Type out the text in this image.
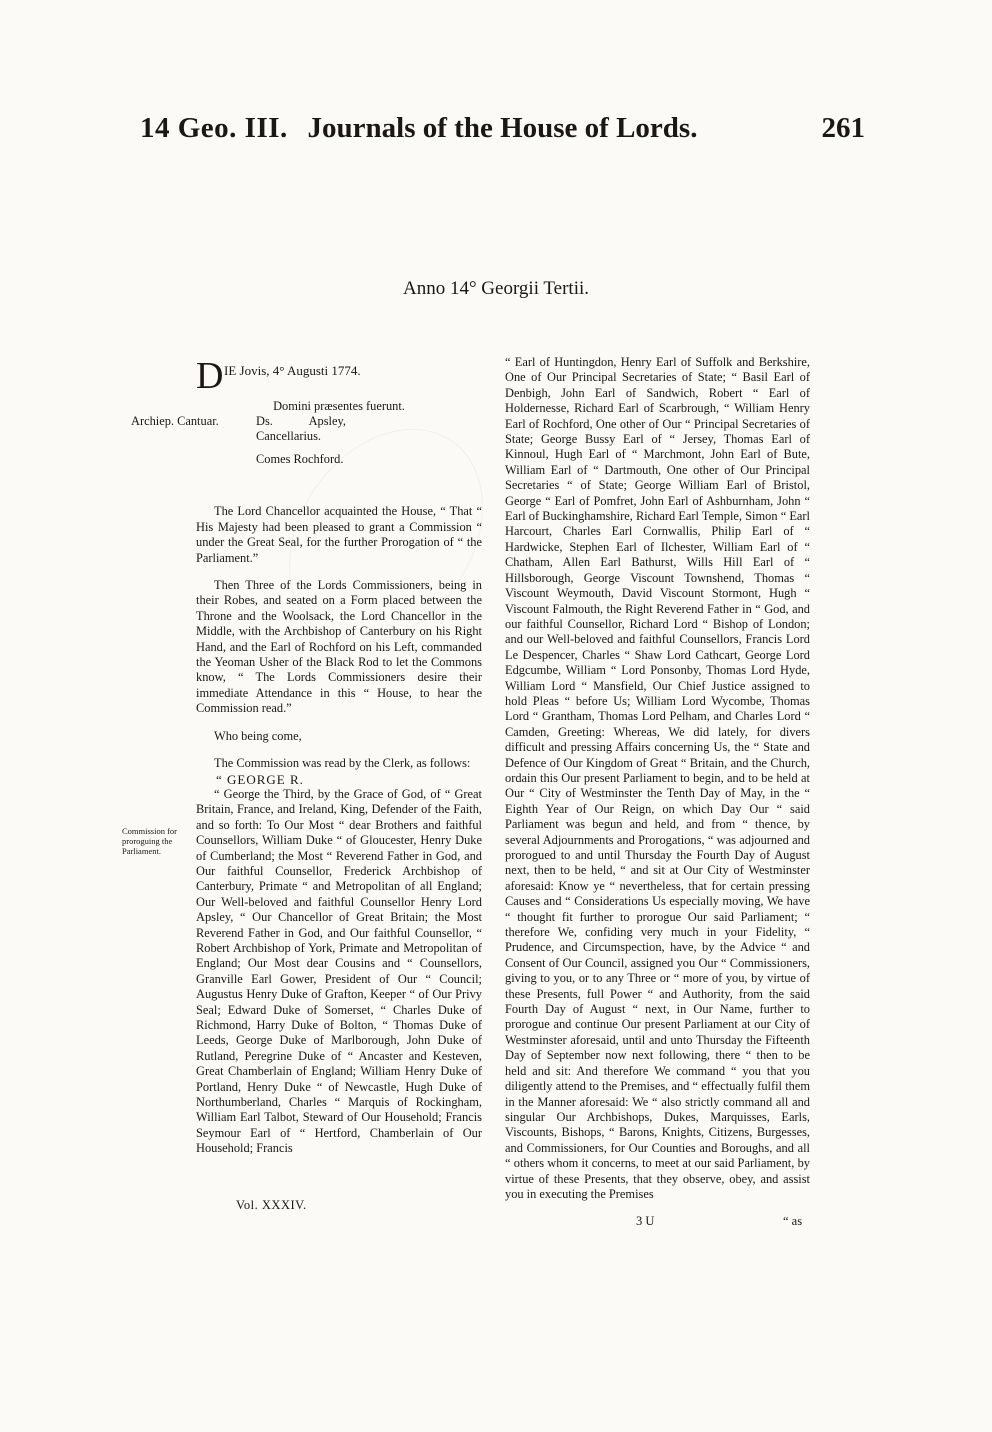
14 Geo. III. Journals of the House of Lords.	261
Anno 14° Georgii Tertii.
Commission for proroguing the Parliament.
D IE Jovis, 4° Augusti 1774.

Domini præsentes fuerunt.

Archiep. Cantuar.	Ds. Apsley, Cancellarius.
Comes Rochford.

The Lord Chancellor acquainted the House, “ That “ His Majesty had been pleased to grant a Commission “ under the Great Seal, for the further Prorogation of “ the Parliament.”

Then Three of the Lords Commissioners, being in their Robes, and seated on a Form placed between the Throne and the Woolsack, the Lord Chancellor in the Middle, with the Archbishop of Canterbury on his Right Hand, and the Earl of Rochford on his Left, commanded the Yeoman Usher of the Black Rod to let the Commons know, “ The Lords Commissioners desire their immediate Attendance in this “ House, to hear the Commission read.”

Who being come,

The Commission was read by the Clerk, as follows:

“ GEORGE R.

“ George the Third, by the Grace of God, of “ Great Britain, France, and Ireland, King, Defender of the Faith, and so forth: To Our Most “ dear Brothers and faithful Counsellors, William Duke “ of Gloucester, Henry Duke of Cumberland; the Most “ Reverend Father in God, and Our faithful Counsellor, Frederick Archbishop of Canterbury, Primate “ and Metropolitan of all England; Our Well-beloved and faithful Counsellor Henry Lord Apsley, “ Our Chancellor of Great Britain; the Most Reverend Father in God, and Our faithful Counsellor, “ Robert Archbishop of York, Primate and Metropolitan of England; Our Most dear Cousins and “ Counsellors, Granville Earl Gower, President of Our “ Council; Augustus Henry Duke of Grafton, Keeper “ of Our Privy Seal; Edward Duke of Somerset, “ Charles Duke of Richmond, Harry Duke of Bolton, “ Thomas Duke of Leeds, George Duke of Marlborough, John Duke of Rutland, Peregrine Duke of “ Ancaster and Kesteven, Great Chamberlain of England; William Henry Duke of Portland, Henry Duke “ of Newcastle, Hugh Duke of Northumberland, Charles “ Marquis of Rockingham, William Earl Talbot, Steward of Our Household; Francis Seymour Earl of “ Hertford, Chamberlain of Our Household; Francis

“ Earl of Huntingdon, Henry Earl of Suffolk and Berkshire, One of Our Principal Secretaries of State; “ Basil Earl of Denbigh, John Earl of Sandwich, Robert “ Earl of Holdernesse, Richard Earl of Scarbrough, “ William Henry Earl of Rochford, One other of Our “ Principal Secretaries of State; George Bussy Earl of “ Jersey, Thomas Earl of Kinnoul, Hugh Earl of “ Marchmont, John Earl of Bute, William Earl of “ Dartmouth, One other of Our Principal Secretaries “ of State; George William Earl of Bristol, George “ Earl of Pomfret, John Earl of Ashburnham, John “ Earl of Buckinghamshire, Richard Earl Temple, Simon “ Earl Harcourt, Charles Earl Cornwallis, Philip Earl of “ Hardwicke, Stephen Earl of Ilchester, William Earl of “ Chatham, Allen Earl Bathurst, Wills Hill Earl of “ Hillsborough, George Viscount Townshend, Thomas “ Viscount Weymouth, David Viscount Stormont, Hugh “ Viscount Falmouth, the Right Reverend Father in “ God, and our faithful Counsellor, Richard Lord “ Bishop of London; and our Well-beloved and faithful Counsellors, Francis Lord Le Despencer, Charles “ Shaw Lord Cathcart, George Lord Edgcumbe, William “ Lord Ponsonby, Thomas Lord Hyde, William Lord “ Mansfield, Our Chief Justice assigned to hold Pleas “ before Us; William Lord Wycombe, Thomas Lord “ Grantham, Thomas Lord Pelham, and Charles Lord “ Camden, Greeting: Whereas, We did lately, for divers difficult and pressing Affairs concerning Us, the “ State and Defence of Our Kingdom of Great “ Britain, and the Church, ordain this Our present Parliament to begin, and to be held at Our “ City of Westminster the Tenth Day of May, in the “ Eighth Year of Our Reign, on which Day Our “ said Parliament was begun and held, and from “ thence, by several Adjournments and Prorogations, “ was adjourned and prorogued to and until Thursday the Fourth Day of August next, then to be held, “ and sit at Our City of Westminster aforesaid: Know ye “ nevertheless, that for certain pressing Causes and “ Considerations Us especially moving, We have “ thought fit further to prorogue Our said Parliament; “ therefore We, confiding very much in your Fidelity, “ Prudence, and Circumspection, have, by the Advice “ and Consent of Our Council, assigned you Our “ Commissioners, giving to you, or to any Three or “ more of you, by virtue of these Presents, full Power “ and Authority, from the said Fourth Day of August “ next, in Our Name, further to prorogue and continue Our present Parliament at our City of Westminster aforesaid, until and unto Thursday the Fifteenth Day of September now next following, there “ then to be held and sit: And therefore We command “ you that you diligently attend to the Premises, and “ effectually fulfil them in the Manner aforesaid: We “ also strictly command all and singular Our Archbishops, Dukes, Marquisses, Earls, Viscounts, Bishops, “ Barons, Knights, Citizens, Burgesses, and Commissioners, for Our Counties and Boroughs, and all “ others whom it concerns, to meet at our said Parliament, by virtue of these Presents, that they observe, obey, and assist you in executing the Premises

Vol. XXXIV.
3 U	“ as
